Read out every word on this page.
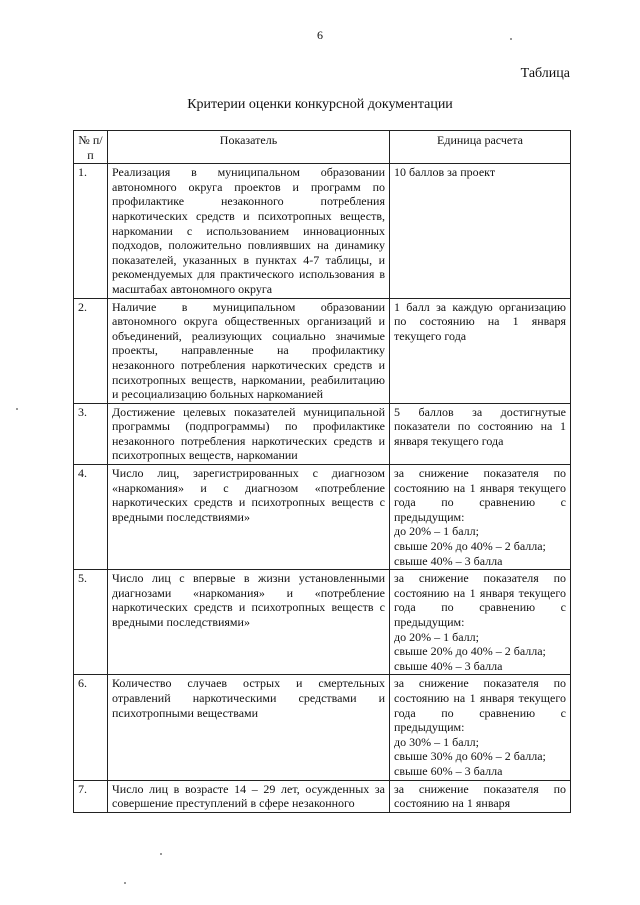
6
Таблица
Критерии оценки конкурсной документации
№ п/п	Показатель	Единица расчета
1.	Реализация в муниципальном образовании автономного округа проектов и программ по профилактике незаконного потребления наркотических средств и психотропных веществ, наркомании с использованием инновационных подходов, положительно повлиявших на динамику показателей, указанных в пунктах 4-7 таблицы, и рекомендуемых для практического использования в масштабах автономного округа	10 баллов за проект

2.	Наличие в муниципальном образовании автономного округа общественных организаций и объединений, реализующих социально значимые проекты, направленные на профилактику незаконного потребления наркотических средств и психотропных веществ, наркомании, реабилитацию и ресоциализацию больных наркоманией	1 балл за каждую организацию по состоянию на 1 января текущего года

3.	Достижение целевых показателей муниципальной программы (подпрограммы) по профилактике незаконного потребления наркотических средств и психотропных веществ, наркомании	5 баллов за достигнутые показатели по состоянию на 1 января текущего года

4.	Число лиц, зарегистрированных с диагнозом «наркомания» и с диагнозом «потребление наркотических средств и психотропных веществ с вредными последствиями»	за снижение показателя по состоянию на 1 января текущего года по сравнению с предыдущим:
до 20% – 1 балл;
свыше 20% до 40% – 2 балла;
свыше 40% – 3 балла

5.	Число лиц с впервые в жизни установленными диагнозами «наркомания» и «потребление наркотических средств и психотропных веществ с вредными последствиями»	за снижение показателя по состоянию на 1 января текущего года по сравнению с предыдущим:
до 20% – 1 балл;
свыше 20% до 40% – 2 балла;
свыше 40% – 3 балла

6.	Количество случаев острых и смертельных отравлений наркотическими средствами и психотропными веществами	за снижение показателя по состоянию на 1 января текущего года по сравнению с предыдущим:
до 30% – 1 балл;
свыше 30% до 60% – 2 балла;
свыше 60% – 3 балла

7.	Число лиц в возрасте 14 – 29 лет, осужденных за совершение преступлений в сфере незаконного	за снижение показателя по состоянию на 1 января
